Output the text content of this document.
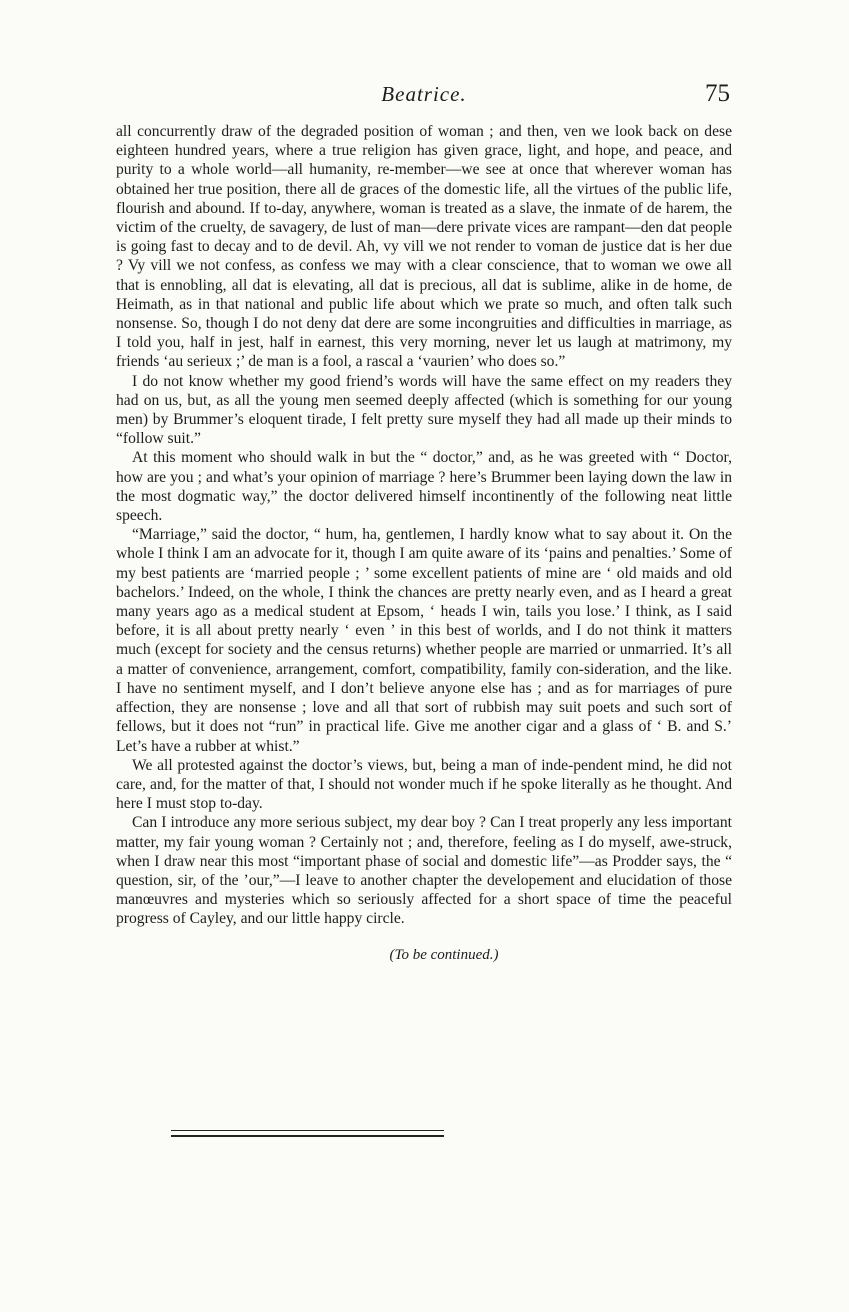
Beatrice.	75

all concurrently draw of the degraded position of woman ; and then, ven we look back on dese eighteen hundred years, where a true religion has given grace, light, and hope, and peace, and purity to a whole world—all humanity, re-member—we see at once that wherever woman has obtained her true position, there all de graces of the domestic life, all the virtues of the public life, flourish and abound. If to-day, anywhere, woman is treated as a slave, the inmate of de harem, the victim of the cruelty, de savagery, de lust of man—dere private vices are rampant—den dat people is going fast to decay and to de devil. Ah, vy vill we not render to voman de justice dat is her due ? Vy vill we not confess, as confess we may with a clear conscience, that to woman we owe all that is ennobling, all dat is elevating, all dat is precious, all dat is sublime, alike in de home, de Heimath, as in that national and public life about which we prate so much, and often talk such nonsense. So, though I do not deny dat dere are some incongruities and difficulties in marriage, as I told you, half in jest, half in earnest, this very morning, never let us laugh at matrimony, my friends ‘au serieux ;’ de man is a fool, a rascal a ‘vaurien’ who does so.”

I do not know whether my good friend’s words will have the same effect on my readers they had on us, but, as all the young men seemed deeply affected (which is something for our young men) by Brummer’s eloquent tirade, I felt pretty sure myself they had all made up their minds to “follow suit.”

At this moment who should walk in but the “ doctor,” and, as he was greeted with “ Doctor, how are you ; and what’s your opinion of marriage ? here’s Brummer been laying down the law in the most dogmatic way,” the doctor delivered himself incontinently of the following neat little speech.

“Marriage,” said the doctor, “ hum, ha, gentlemen, I hardly know what to say about it. On the whole I think I am an advocate for it, though I am quite aware of its ‘pains and penalties.’ Some of my best patients are ‘married people ; ’ some excellent patients of mine are ‘ old maids and old bachelors.’ Indeed, on the whole, I think the chances are pretty nearly even, and as I heard a great many years ago as a medical student at Epsom, ‘ heads I win, tails you lose.’ I think, as I said before, it is all about pretty nearly ‘ even ’ in this best of worlds, and I do not think it matters much (except for society and the census returns) whether people are married or unmarried. It’s all a matter of convenience, arrangement, comfort, compatibility, family con-sideration, and the like. I have no sentiment myself, and I don’t believe anyone else has ; and as for marriages of pure affection, they are nonsense ; love and all that sort of rubbish may suit poets and such sort of fellows, but it does not “run” in practical life. Give me another cigar and a glass of ‘ B. and S.’ Let’s have a rubber at whist.”

We all protested against the doctor’s views, but, being a man of inde-pendent mind, he did not care, and, for the matter of that, I should not wonder much if he spoke literally as he thought. And here I must stop to-day.

Can I introduce any more serious subject, my dear boy ? Can I treat properly any less important matter, my fair young woman ? Certainly not ; and, therefore, feeling as I do myself, awe-struck, when I draw near this most “important phase of social and domestic life”—as Prodder says, the “ question, sir, of the ’our,”—I leave to another chapter the developement and elucidation of those manœuvres and mysteries which so seriously affected for a short space of time the peaceful progress of Cayley, and our little happy circle.

(To be continued.)
